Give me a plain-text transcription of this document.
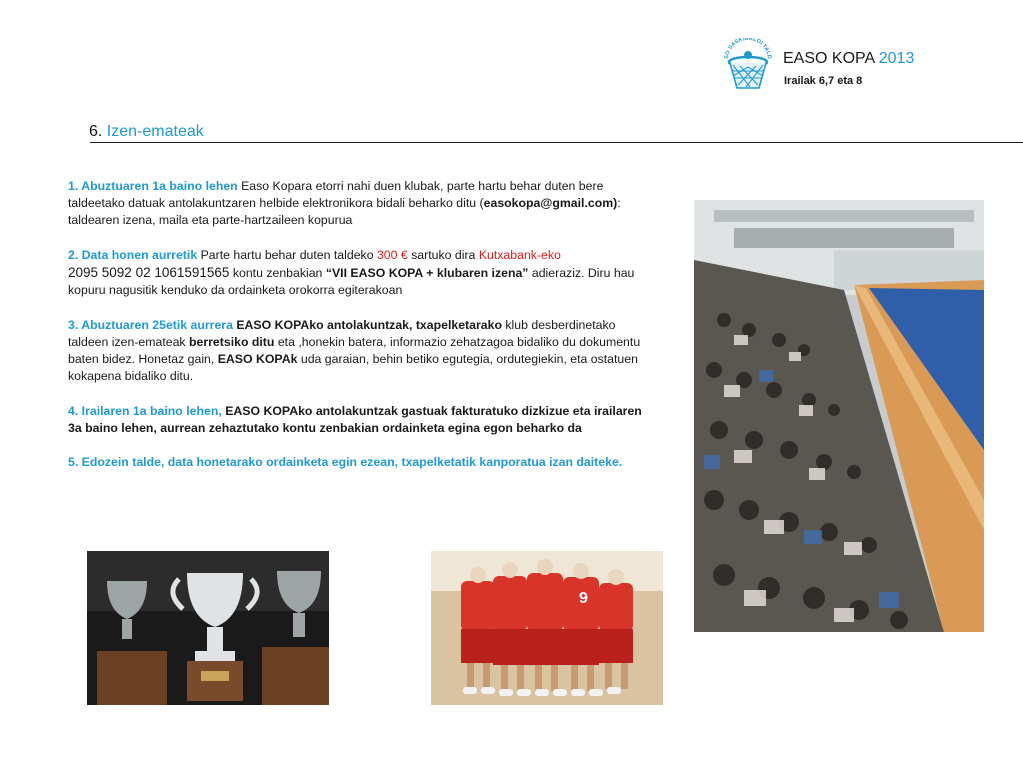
SO SASKIBALOI TALD EASO KOPA 2013
Irailak 6,7 eta 8
6. Izen-emateak

1. Abuztuaren 1a baino lehen Easo Kopara etorri nahi duen klubak, parte hartu behar duten bere taldeetako datuak antolakuntzaren helbide elektronikora bidali beharko ditu (easokopa@gmail.com): taldearen izena, maila eta parte-hartzaileen kopurua

2. Data honen aurretik Parte hartu behar duten taldeko 300 € sartuko dira Kutxabank-eko
2095 5092 02 1061591565 kontu zenbakian “VII EASO KOPA + klubaren izena” adieraziz. Diru hau kopuru nagusitik kenduko da ordainketa orokorra egiterakoan

3. Abuztuaren 25etik aurrera EASO KOPAko antolakuntzak, txapelketarako klub desberdinetako taldeen izen-emateak berretsiko ditu eta ,honekin batera, informazio zehatzagoa bidaliko du dokumentu baten bidez. Honetaz gain, EASO KOPAk uda garaian, behin betiko egutegia, ordutegiekin, eta ostatuen kokapena bidaliko ditu.

4. Irailaren 1a baino lehen, EASO KOPAko antolakuntzak gastuak fakturatuko dizkizue eta irailaren 3a baino lehen, aurrean zehaztutako kontu zenbakian ordainketa egina egon beharko da

5. Edozein talde, data honetarako ordainketa egin ezean, txapelketatik kanporatua izan daiteke.

9
